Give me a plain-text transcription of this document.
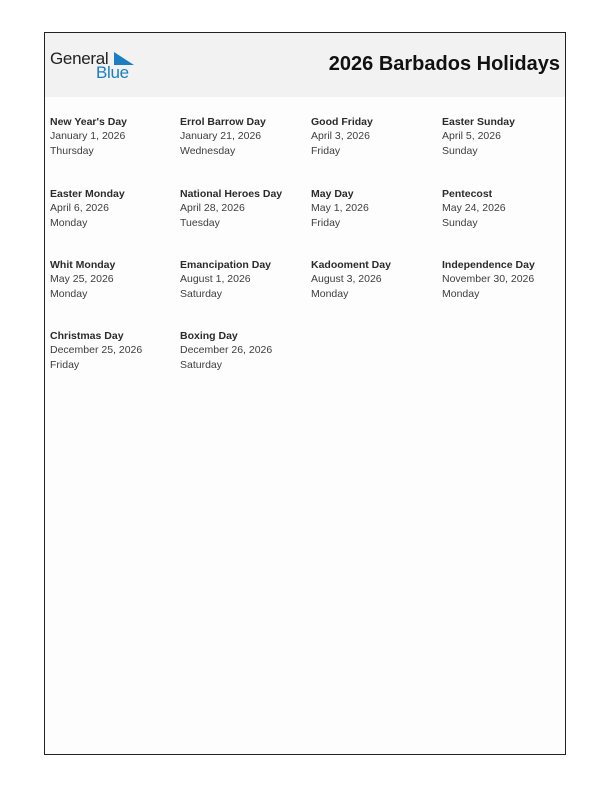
General
Blue	2026 Barbados Holidays
New Year's Day
January 1, 2026
Thursday
Errol Barrow Day
January 21, 2026
Wednesday
Good Friday
April 3, 2026
Friday
Easter Sunday
April 5, 2026
Sunday
Easter Monday
April 6, 2026
Monday
National Heroes Day
April 28, 2026
Tuesday
May Day
May 1, 2026
Friday
Pentecost
May 24, 2026
Sunday
Whit Monday
May 25, 2026
Monday
Emancipation Day
August 1, 2026
Saturday
Kadooment Day
August 3, 2026
Monday
Independence Day
November 30, 2026
Monday
Christmas Day
December 25, 2026
Friday
Boxing Day
December 26, 2026
Saturday
